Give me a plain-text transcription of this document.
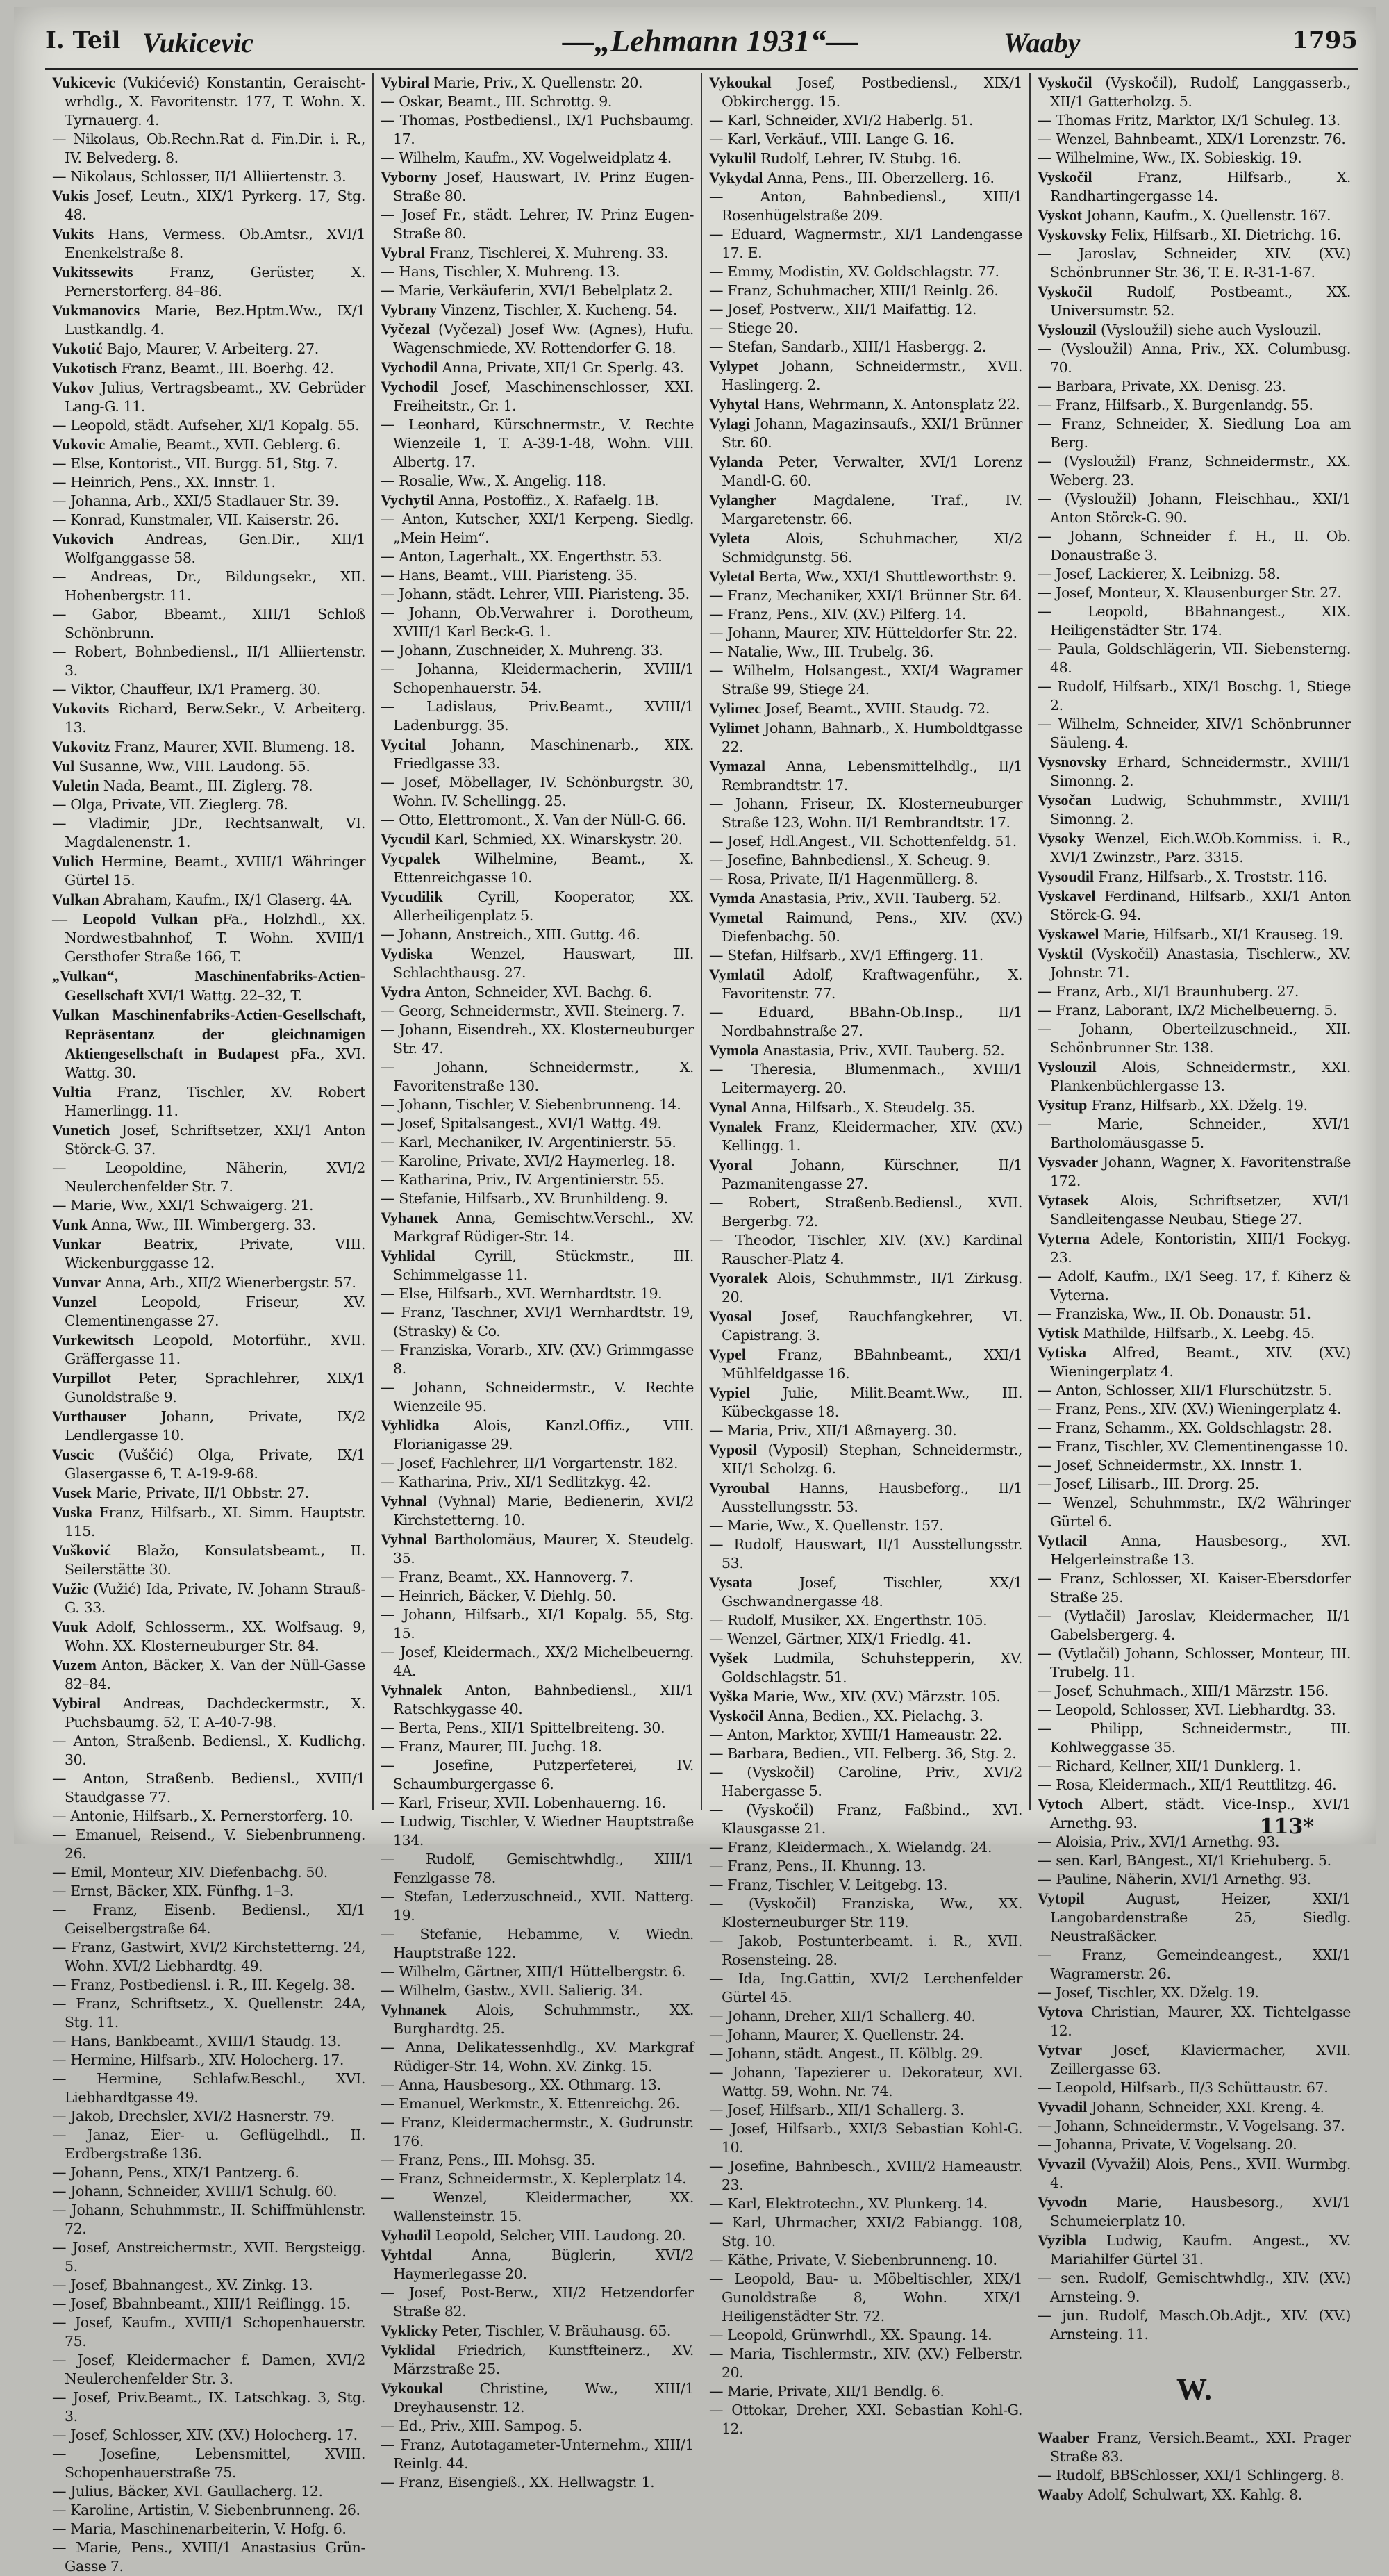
I. Teil Vukicevic	—„Lehmann 1931“—	Waaby	1795

Vukicevic (Vukićević) Konstantin, Geraischt-wrhdlg., X. Favoritenstr. 177, T. Wohn. X. Tyrnauerg. 4.

— Nikolaus, Ob.Rechn.Rat d. Fin.Dir. i. R., IV. Belvederg. 8.

— Nikolaus, Schlosser, II/1 Alliiertenstr. 3.

Vukis Josef, Leutn., XIX/1 Pyrkerg. 17, Stg. 48.

Vukits Hans, Vermess. Ob.Amtsr., XVI/1 Enenkelstraße 8.

Vukitssewits	Franz, Gerüster, X. Pernerstorferg. 84–86.

Vukmanovics Marie, Bez.Hptm.Ww., IX/1 Lustkandlg. 4.

Vukotić Bajo, Maurer, V. Arbeiterg. 27.

Vukotisch Franz, Beamt., III. Boerhg. 42.

Vukov Julius, Vertragsbeamt., XV. Gebrüder Lang-G. 11.

— Leopold, städt. Aufseher, XI/1 Kopalg. 55.

Vukovic Amalie, Beamt., XVII. Geblerg. 6.

— Else, Kontorist., VII. Burgg. 51, Stg. 7.

— Heinrich, Pens., XX. Innstr. 1.

— Johanna, Arb., XXI/5 Stadlauer Str. 39.

— Konrad, Kunstmaler, VII. Kaiserstr. 26.

Vukovich Andreas, Gen.Dir., XII/1 Wolfganggasse 58.

— Andreas, Dr., Bildungsekr., XII. Hohenbergstr. 11.

— Gabor, Bbeamt., XIII/1 Schloß Schönbrunn.

— Robert, Bohnbediensl., II/1 Alliiertenstr. 3.

— Viktor, Chauffeur, IX/1 Pramerg. 30.

Vukovits Richard, Berw.Sekr., V. Arbeiterg. 13.

Vukovitz Franz, Maurer, XVII. Blumeng. 18.

Vul Susanne, Ww., VIII. Laudong. 55.

Vuletin Nada, Beamt., III. Ziglerg. 78.

— Olga, Private, VII. Zieglerg. 78.

— Vladimir, JDr., Rechtsanwalt, VI. Magdalenenstr. 1.

Vulich Hermine, Beamt., XVIII/1 Währinger Gürtel 15.

Vulkan Abraham, Kaufm., IX/1 Glaserg. 4A.

— Leopold Vulkan pFa., Holzhdl., XX. Nordwestbahnhof, T. Wohn. XVIII/1 Gersthofer Straße 166, T.

„Vulkan“, Maschinenfabriks-Actien-Gesellschaft XVI/1 Wattg. 22–32, T.

Vulkan Maschinenfabriks-Actien-Gesellschaft, Repräsentanz der gleichnamigen Aktiengesellschaft in Budapest pFa., XVI. Wattg. 30.

Vultia Franz, Tischler, XV. Robert Hamerlingg. 11.

Vunetich Josef, Schriftsetzer, XXI/1 Anton Störck-G. 37.

— Leopoldine, Näherin, XVI/2 Neulerchenfelder Str. 7.

— Marie, Ww., XXI/1 Schwaigerg. 21.

Vunk Anna, Ww., III. Wimbergerg. 33.

Vunkar	Beatrix, Private, VIII. Wickenburggasse 12.

Vunvar Anna, Arb., XII/2 Wienerbergstr. 57.

Vunzel	Leopold, Friseur, XV. Clementinengasse 27.

Vurkewitsch Leopold, Motorführ., XVII. Gräffergasse 11.

Vurpillot Peter, Sprachlehrer, XIX/1 Gunoldstraße 9.

Vurthauser Johann, Private, IX/2 Lendlergasse 10.

Vuscic (Vuščić) Olga, Private, IX/1 Glasergasse 6, T. A-19-9-68.

Vusek Marie, Private, II/1 Obbstr. 27.

Vuska Franz, Hilfsarb., XI. Simm. Hauptstr. 115.

Vušković Blažo, Konsulatsbeamt., II. Seilerstätte 30.

Vužic (Vužić) Ida, Private, IV. Johann Strauß-G. 33.

Vuuk Adolf, Schlosserm., XX. Wolfsaug. 9, Wohn. XX. Klosterneuburger Str. 84.

Vuzem Anton, Bäcker, X. Van der Nüll-Gasse 82–84.

Vybiral Andreas, Dachdeckermstr., X. Puchsbaumg. 52, T. A-40-7-98.

— Anton, Straßenb. Bediensl., X. Kudlichg. 30.

— Anton, Straßenb. Bediensl., XVIII/1 Staudgasse 77.

— Antonie, Hilfsarb., X. Pernerstorferg. 10.

— Emanuel, Reisend., V. Siebenbrunneng. 26.

— Emil, Monteur, XIV. Diefenbachg. 50.

— Ernst, Bäcker, XIX. Fünfhg. 1–3.

— Franz, Eisenb. Bediensl., XI/1 Geiselbergstraße 64.

— Franz, Gastwirt, XVI/2 Kirchstetterng. 24, Wohn. XVI/2 Liebhardtg. 49.

— Franz, Postbediensl. i. R., III. Kegelg. 38.

— Franz, Schriftsetz., X. Quellenstr. 24A, Stg. 11.

— Hans, Bankbeamt., XVIII/1 Staudg. 13.

— Hermine, Hilfsarb., XIV. Holocherg. 17.

— Hermine, Schlafw.Beschl., XVI. Liebhardtgasse 49.

— Jakob, Drechsler, XVI/2 Hasnerstr. 79.

— Janaz, Eier- u. Geflügelhdl., II. Erdbergstraße 136.

— Johann, Pens., XIX/1 Pantzerg. 6.

— Johann, Schneider, XVIII/1 Schulg. 60.

— Johann, Schuhmmstr., II. Schiffmühlenstr. 72.

— Josef, Anstreichermstr., XVII. Bergsteigg. 5.

— Josef, Bbahnangest., XV. Zinkg. 13.

— Josef, Bbahnbeamt., XIII/1 Reiflingg. 15.

— Josef, Kaufm., XVIII/1 Schopenhauerstr. 75.

— Josef, Kleidermacher f. Damen, XVI/2 Neulerchenfelder Str. 3.

— Josef, Priv.Beamt., IX. Latschkag. 3, Stg. 3.

— Josef, Schlosser, XIV. (XV.) Holocherg. 17.

— Josefine, Lebensmittel, XVIII. Schopenhauerstraße 75.

— Julius, Bäcker, XVI. Gaullacherg. 12.

— Karoline, Artistin, V. Siebenbrunneng. 26.

— Maria, Maschinenarbeiterin, V. Hofg. 6.

— Marie, Pens., XVIII/1 Anastasius Grün-Gasse 7.

Vybiral Marie, Priv., X. Quellenstr. 20.

— Oskar, Beamt., III. Schrottg. 9.

— Thomas, Postbediensl., IX/1 Puchsbaumg. 17.

— Wilhelm, Kaufm., XV. Vogelweidplatz 4.

Vyborny Josef, Hauswart, IV. Prinz Eugen-Straße 80.

— Josef Fr., städt. Lehrer, IV. Prinz Eugen-Straße 80.

Vybral Franz, Tischlerei, X. Muhreng. 33.

— Hans, Tischler, X. Muhreng. 13.

— Marie, Verkäuferin, XVI/1 Bebelplatz 2.

Vybrany Vinzenz, Tischler, X. Kucheng. 54.

Vyčezal (Vyčezal) Josef Ww. (Agnes), Hufu. Wagenschmiede, XV. Rottendorfer G. 18.

Vychodil Anna, Private, XII/1 Gr. Sperlg. 43.

Vychodil Josef, Maschinenschlosser, XXI. Freiheitstr., Gr. 1.

— Leonhard, Kürschnermstr., V. Rechte Wienzeile 1, T. A-39-1-48, Wohn. VIII. Albertg. 17.

— Rosalie, Ww., X. Angelig. 118.

Vychytil Anna, Postoffiz., X. Rafaelg. 1B.

— Anton, Kutscher, XXI/1 Kerpeng. Siedlg. „Mein Heim“.

— Anton, Lagerhalt., XX. Engerthstr. 53.

— Hans, Beamt., VIII. Piaristeng. 35.

— Johann, städt. Lehrer, VIII. Piaristeng. 35.

— Johann, Ob.Verwahrer i. Dorotheum, XVIII/1 Karl Beck-G. 1.

— Johann, Zuschneider, X. Muhreng. 33.

— Johanna, Kleidermacherin, XVIII/1 Schopenhauerstr. 54.

— Ladislaus, Priv.Beamt., XVIII/1 Ladenburgg. 35.

Vycital Johann, Maschinenarb., XIX. Friedlgasse 33.

— Josef, Möbellager, IV. Schönburgstr. 30, Wohn. IV. Schellingg. 25.

— Otto, Elettromont., X. Van der Nüll-G. 66.

Vycudil Karl, Schmied, XX. Winarskystr. 20.

Vycpalek Wilhelmine, Beamt., X. Ettenreichgasse 10.

Vycudilik Cyrill, Kooperator, XX. Allerheiligenplatz 5.

— Johann, Anstreich., XIII. Guttg. 46.

Vydiska	Wenzel, Hauswart, III. Schlachthausg. 27.

Vydra Anton, Schneider, XVI. Bachg. 6.

— Georg, Schneidermstr., XVII. Steinerg. 7.

— Johann, Eisendreh., XX. Klosterneuburger Str. 47.

— Johann, Schneidermstr., X. Favoritenstraße 130.

— Johann, Tischler, V. Siebenbrunneng. 14.

— Josef, Spitalsangest., XVI/1 Wattg. 49.

— Karl, Mechaniker, IV. Argentinierstr. 55.

— Karoline, Private, XVI/2 Haymerleg. 18.

— Katharina, Priv., IV. Argentinierstr. 55.

— Stefanie, Hilfsarb., XV. Brunhildeng. 9.

Vyhanek Anna, Gemischtw.Verschl., XV. Markgraf Rüdiger-Str. 14.

Vyhlidal	Cyrill, Stückmstr., III. Schimmelgasse 11.

— Else, Hilfsarb., XVI. Wernhardtstr. 19.

— Franz, Taschner, XVI/1 Wernhardtstr. 19, (Strasky) & Co.

— Franziska, Vorarb., XIV. (XV.) Grimmgasse 8.

— Johann, Schneidermstr., V. Rechte Wienzeile 95.

Vyhlidka Alois, Kanzl.Offiz., VIII. Florianigasse 29.

— Josef, Fachlehrer, II/1 Vorgartenstr. 182.

— Katharina, Priv., XI/1 Sedlitzkyg. 42.

Vyhnal (Vyhnal) Marie, Bedienerin, XVI/2 Kirchstetterng. 10.

Vyhnal Bartholomäus, Maurer, X. Steudelg. 35.

— Franz, Beamt., XX. Hannoverg. 7.

— Heinrich, Bäcker, V. Diehlg. 50.

— Johann, Hilfsarb., XI/1 Kopalg. 55, Stg. 15.

— Josef, Kleidermach., XX/2 Michelbeuerng. 4A.

Vyhnalek Anton, Bahnbediensl., XII/1 Ratschkygasse 40.

— Berta, Pens., XII/1 Spittelbreiteng. 30.

— Franz, Maurer, III. Juchg. 18.

— Josefine, Putzperfeterei, IV. Schaumburgergasse 6.

— Karl, Friseur, XVII. Lobenhauerng. 16.

— Ludwig, Tischler, V. Wiedner Hauptstraße 134.

— Rudolf, Gemischtwhdlg., XIII/1 Fenzlgasse 78.

— Stefan, Lederzuschneid., XVII. Natterg. 19.

— Stefanie, Hebamme, V. Wiedn. Hauptstraße 122.

— Wilhelm, Gärtner, XIII/1 Hüttelbergstr. 6.

— Wilhelm, Gastw., XVII. Salierig. 34.

Vyhnanek Alois, Schuhmmstr., XX. Burghardtg. 25.

— Anna, Delikatessenhdlg., XV. Markgraf Rüdiger-Str. 14, Wohn. XV. Zinkg. 15.

— Anna, Hausbesorg., XX. Othmarg. 13.

— Emanuel, Werkmstr., X. Ettenreichg. 26.

— Franz, Kleidermachermstr., X. Gudrunstr. 176.

— Franz, Pens., III. Mohsg. 35.

— Franz, Schneidermstr., X. Keplerplatz 14.

— Wenzel, Kleidermacher, XX. Wallensteinstr. 15.

Vyhodil Leopold, Selcher, VIII. Laudong. 20.

Vyhtdal	Anna, Büglerin, XVI/2 Haymerlegasse 20.

— Josef, Post-Berw., XII/2 Hetzendorfer Straße 82.

Vyklicky Peter, Tischler, V. Bräuhausg. 65.

Vyklidal Friedrich, Kunstfteinerz., XV. Märzstraße 25.

Vykoukal	Christine, Ww., XIII/1 Dreyhausenstr. 12.

— Ed., Priv., XIII. Sampog. 5.

— Franz, Autotagameter-Unternehm., XIII/1 Reinlg. 44.

— Franz, Eisengieß., XX. Hellwagstr. 1.

Vykoukal Josef, Postbediensl., XIX/1 Obkirchergg. 15.

— Karl, Schneider, XVI/2 Haberlg. 51.

— Karl, Verkäuf., VIII. Lange G. 16.

Vykulil Rudolf, Lehrer, IV. Stubg. 16.

Vykydal Anna, Pens., III. Oberzellerg. 16.

— Anton, Bahnbediensl., XIII/1 Rosenhügelstraße 209.

— Eduard, Wagnermstr., XI/1 Landengasse 17. E.

— Emmy, Modistin, XV. Goldschlagstr. 77.

— Franz, Schuhmacher, XIII/1 Reinlg. 26.

— Josef, Postverw., XII/1 Maifattig. 12.

— Stiege 20.

— Stefan, Sandarb., XIII/1 Hasbergg. 2.

Vylypet Johann, Schneidermstr., XVII. Haslingerg. 2.

Vyhytal Hans, Wehrmann, X. Antonsplatz 22.

Vylagi Johann, Magazinsaufs., XXI/1 Brünner Str. 60.

Vylanda Peter, Verwalter, XVI/1 Lorenz Mandl-G. 60.

Vylangher	Magdalene, Traf., IV. Margaretenstr. 66.

Vyleta Alois, Schuhmacher, XI/2 Schmidgunstg. 56.

Vyletal Berta, Ww., XXI/1 Shuttleworthstr. 9.

— Franz, Mechaniker, XXI/1 Brünner Str. 64.

— Franz, Pens., XIV. (XV.) Pilferg. 14.

— Johann, Maurer, XIV. Hütteldorfer Str. 22.

— Natalie, Ww., III. Trubelg. 36.

— Wilhelm, Holsangest., XXI/4 Wagramer Straße 99, Stiege 24.

Vylimec Josef, Beamt., XVIII. Staudg. 72.

Vylimet Johann, Bahnarb., X. Humboldtgasse 22.

Vymazal Anna, Lebensmittelhdlg., II/1 Rembrandtstr. 17.

— Johann, Friseur, IX. Klosterneuburger Straße 123, Wohn. II/1 Rembrandtstr. 17.

— Josef, Hdl.Angest., VII. Schottenfeldg. 51.

— Josefine, Bahnbediensl., X. Scheug. 9.

— Rosa, Private, II/1 Hagenmüllerg. 8.

Vymda Anastasia, Priv., XVII. Tauberg. 52.

Vymetal Raimund, Pens., XIV. (XV.) Diefenbachg. 50.

— Stefan, Hilfsarb., XV/1 Effingerg. 11.

Vymlatil Adolf, Kraftwagenführ., X. Favoritenstr. 77.

— Eduard, BBahn-Ob.Insp., II/1 Nordbahnstraße 27.

Vymola Anastasia, Priv., XVII. Tauberg. 52.

— Theresia, Blumenmach., XVIII/1 Leitermayerg. 20.

Vynal Anna, Hilfsarb., X. Steudelg. 35.

Vynalek Franz, Kleidermacher, XIV. (XV.) Kellingg. 1.

Vyoral	Johann, Kürschner, II/1 Pazmanitengasse 27.

— Robert, Straßenb.Bediensl., XVII. Bergerbg. 72.

— Theodor, Tischler, XIV. (XV.) Kardinal Rauscher-Platz 4.

Vyoralek Alois, Schuhmmstr., II/1 Zirkusg. 20.

Vyosal Josef, Rauchfangkehrer, VI. Capistrang. 3.

Vypel Franz, BBahnbeamt., XXI/1 Mühlfeldgasse 16.

Vypiel Julie, Milit.Beamt.Ww., III. Kübeckgasse 18.

— Maria, Priv., XII/1 Aßmayerg. 30.

Vyposil (Vyposil) Stephan, Schneidermstr., XII/1 Scholzg. 6.

Vyroubal Hanns, Hausbeforg., II/1 Ausstellungsstr. 53.

— Marie, Ww., X. Quellenstr. 157.

— Rudolf, Hauswart, II/1 Ausstellungsstr. 53.

Vysata	Josef, Tischler, XX/1 Gschwandnergasse 48.

— Rudolf, Musiker, XX. Engerthstr. 105.

— Wenzel, Gärtner, XIX/1 Friedlg. 41.

Vyšek Ludmila, Schuhstepperin, XV. Goldschlagstr. 51.

Vyška Marie, Ww., XIV. (XV.) Märzstr. 105.

Vyskočil Anna, Bedien., XX. Pielachg. 3.

— Anton, Marktor, XVIII/1 Hameaustr. 22.

— Barbara, Bedien., VII. Felberg. 36, Stg. 2.

— (Vyskočil) Caroline, Priv., XVI/2 Habergasse 5.

— (Vyskočil) Franz, Faßbind., XVI. Klausgasse 21.

— Franz, Kleidermach., X. Wielandg. 24.

— Franz, Pens., II. Khunng. 13.

— Franz, Tischler, V. Leitgebg. 13.

— (Vyskočil) Franziska, Ww., XX. Klosterneuburger Str. 119.

— Jakob, Postunterbeamt. i. R., XVII. Rosensteing. 28.

— Ida, Ing.Gattin, XVI/2 Lerchenfelder Gürtel 45.

— Johann, Dreher, XII/1 Schallerg. 40.

— Johann, Maurer, X. Quellenstr. 24.

— Johann, städt. Angest., II. Kölblg. 29.

— Johann, Tapezierer u. Dekorateur, XVI. Wattg. 59, Wohn. Nr. 74.

— Josef, Hilfsarb., XII/1 Schallerg. 3.

— Josef, Hilfsarb., XXI/3 Sebastian Kohl-G. 10.

— Josefine, Bahnbesch., XVIII/2 Hameaustr. 23.

— Karl, Elektrotechn., XV. Plunkerg. 14.

— Karl, Uhrmacher, XXI/2 Fabiangg. 108, Stg. 10.

— Käthe, Private, V. Siebenbrunneng. 10.

— Leopold, Bau- u. Möbeltischler, XIX/1 Gunoldstraße 8, Wohn. XIX/1 Heiligenstädter Str. 72.

— Leopold, Grünwrhdl., XX. Spaung. 14.

— Maria, Tischlermstr., XIV. (XV.) Felberstr. 20.

— Marie, Private, XII/1 Bendlg. 6.

— Ottokar, Dreher, XXI. Sebastian Kohl-G. 12.

Vyskočil (Vyskočil), Rudolf, Langgasserb., XII/1 Gatterholzg. 5.

— Thomas Fritz, Marktor, IX/1 Schuleg. 13.

— Wenzel, Bahnbeamt., XIX/1 Lorenzstr. 76.

— Wilhelmine, Ww., IX. Sobieskig. 19.

Vyskočil	Franz, Hilfsarb., X. Randhartingergasse 14.

Vyskot Johann, Kaufm., X. Quellenstr. 167.

Vyskovsky Felix, Hilfsarb., XI. Dietrichg. 16.

— Jaroslav, Schneider, XIV. (XV.) Schönbrunner Str. 36, T. E. R-31-1-67.

Vyskočil Rudolf, Postbeamt., XX. Universumstr. 52.

Vyslouzil (Vysloužil) siehe auch Vyslouzil.

— (Vysloužil) Anna, Priv., XX. Columbusg. 70.

— Barbara, Private, XX. Denisg. 23.

— Franz, Hilfsarb., X. Burgenlandg. 55.

— Franz, Schneider, X. Siedlung Loa am Berg.

— (Vysloužil) Franz, Schneidermstr., XX. Weberg. 23.

— (Vysloužil) Johann, Fleischhau., XXI/1 Anton Störck-G. 90.

— Johann, Schneider f. H., II. Ob. Donaustraße 3.

— Josef, Lackierer, X. Leibnizg. 58.

— Josef, Monteur, X. Klausenburger Str. 27.

— Leopold, BBahnangest., XIX. Heiligenstädter Str. 174.

— Paula, Goldschlägerin, VII. Siebensterng. 48.

— Rudolf, Hilfsarb., XIX/1 Boschg. 1, Stiege 2.

— Wilhelm, Schneider, XIV/1 Schönbrunner Säuleng. 4.

Vysnovsky Erhard, Schneidermstr., XVIII/1 Simonng. 2.

Vysočan Ludwig, Schuhmmstr., XVIII/1 Simonng. 2.

Vysoky Wenzel, Eich.W.Ob.Kommiss. i. R., XVI/1 Zwinzstr., Parz. 3315.

Vysoudil Franz, Hilfsarb., X. Troststr. 116.

Vyskavel Ferdinand, Hilfsarb., XXI/1 Anton Störck-G. 94.

Vyskawel Marie, Hilfsarb., XI/1 Krauseg. 19.

Vysktil (Vyskočil) Anastasia, Tischlerw., XV. Johnstr. 71.

— Franz, Arb., XI/1 Braunhuberg. 27.

— Franz, Laborant, IX/2 Michelbeuerng. 5.

— Johann, Oberteilzuschneid., XII. Schönbrunner Str. 138.

Vyslouzil Alois, Schneidermstr., XXI. Plankenbüchlergasse 13.

Vysitup Franz, Hilfsarb., XX. Dželg. 19.

— Marie, Schneider., XVI/1 Bartholomäusgasse 5.

Vysvader Johann, Wagner, X. Favoritenstraße 172.

Vytasek Alois, Schriftsetzer, XVI/1 Sandleitengasse Neubau, Stiege 27.

Vyterna Adele, Kontoristin, XIII/1 Fockyg. 23.

— Adolf, Kaufm., IX/1 Seeg. 17, f. Kiherz & Vyterna.

— Franziska, Ww., II. Ob. Donaustr. 51.

Vytisk Mathilde, Hilfsarb., X. Leebg. 45.

Vytiska Alfred, Beamt., XIV. (XV.) Wieningerplatz 4.

— Anton, Schlosser, XII/1 Flurschützstr. 5.

— Franz, Pens., XIV. (XV.) Wieningerplatz 4.

— Franz, Schamm., XX. Goldschlagstr. 28.

— Franz, Tischler, XV. Clementinengasse 10.

— Josef, Schneidermstr., XX. Innstr. 1.

— Josef, Lilisarb., III. Drorg. 25.

— Wenzel, Schuhmmstr., IX/2 Währinger Gürtel 6.

Vytlacil Anna, Hausbesorg., XVI. Helgerleinstraße 13.

— Franz, Schlosser, XI. Kaiser-Ebersdorfer Straße 25.

— (Vytlačil) Jaroslav, Kleidermacher, II/1 Gabelsbergerg. 4.

— (Vytlačil) Johann, Schlosser, Monteur, III. Trubelg. 11.

— Josef, Schuhmach., XIII/1 Märzstr. 156.

— Leopold, Schlosser, XVI. Liebhardtg. 33.

— Philipp, Schneidermstr., III. Kohlweggasse 35.

— Richard, Kellner, XII/1 Dunklerg. 1.

— Rosa, Kleidermach., XII/1 Reuttlitzg. 46.

Vytoch Albert, städt. Vice-Insp., XVI/1 Arnethg. 93.

— Aloisia, Priv., XVI/1 Arnethg. 93.

— sen. Karl, BAngest., XI/1 Kriehuberg. 5.

— Pauline, Näherin, XVI/1 Arnethg. 93.

Vytopil	August, Heizer, XXI/1 Langobardenstraße 25, Siedlg. Neustraßäcker.

— Franz, Gemeindeangest., XXI/1 Wagramerstr. 26.

— Josef, Tischler, XX. Dželg. 19.

Vytova Christian, Maurer, XX. Tichtelgasse 12.

Vytvar Josef, Klaviermacher, XVII. Zeillergasse 63.

— Leopold, Hilfsarb., II/3 Schüttaustr. 67.

Vyvadil Johann, Schneider, XXI. Kreng. 4.

— Johann, Schneidermstr., V. Vogelsang. 37.

— Johanna, Private, V. Vogelsang. 20.

Vyvazil (Vyvažil) Alois, Pens., XVII. Wurmbg. 4.

Vyvodn Marie, Hausbesorg., XVI/1 Schumeierplatz 10.

Vyzibla Ludwig, Kaufm. Angest., XV. Mariahilfer Gürtel 31.

— sen. Rudolf, Gemischtwhdlg., XIV. (XV.) Arnsteing. 9.

— jun. Rudolf, Masch.Ob.Adjt., XIV. (XV.) Arnsteing. 11.

W.

Waaber Franz, Versich.Beamt., XXI. Prager Straße 83.

— Rudolf, BBSchlosser, XXI/1 Schlingerg. 8.

Waaby Adolf, Schulwart, XX. Kahlg. 8.

113*
